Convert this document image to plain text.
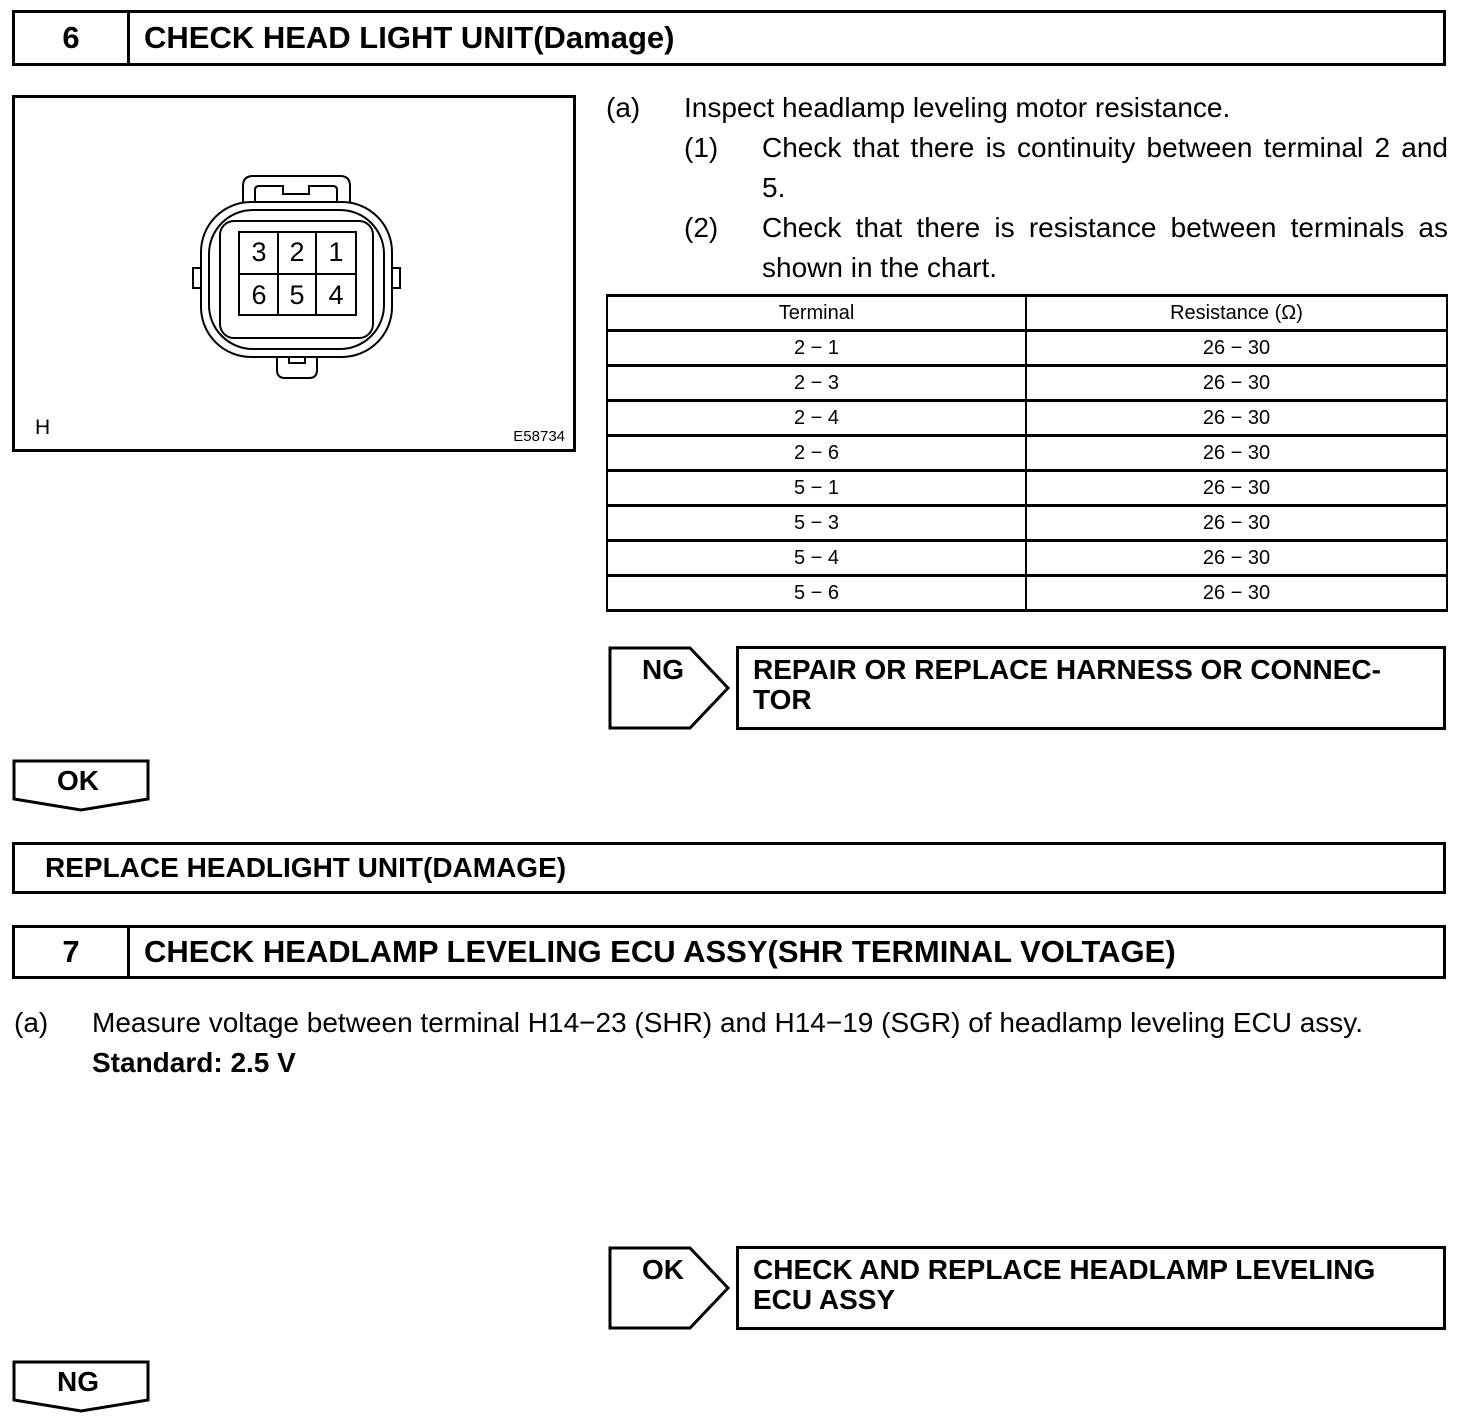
6	CHECK HEAD LIGHT UNIT(Damage)
3 2 1
6 5 4
H	E58734
(a) Inspect headlamp leveling motor resistance.
(1) Check that there is continuity between terminal 2 and 5.
(2) Check that there is resistance between terminals as shown in the chart.
Terminal	Resistance (Ω)
2 − 1	26 − 30
2 − 3	26 − 30
2 − 4	26 − 30
2 − 6	26 − 30
5 − 1	26 − 30
5 − 3	26 − 30
5 − 4	26 − 30
5 − 6	26 − 30
NG	REPAIR OR REPLACE HARNESS OR CONNEC- TOR
OK
REPLACE HEADLIGHT UNIT(DAMAGE)
7	CHECK HEADLAMP LEVELING ECU ASSY(SHR TERMINAL VOLTAGE)
(a) Measure voltage between terminal H14−23 (SHR) and H14−19 (SGR) of headlamp leveling ECU assy.
Standard: 2.5 V
OK	CHECK AND REPLACE HEADLAMP LEVELING ECU ASSY
NG
